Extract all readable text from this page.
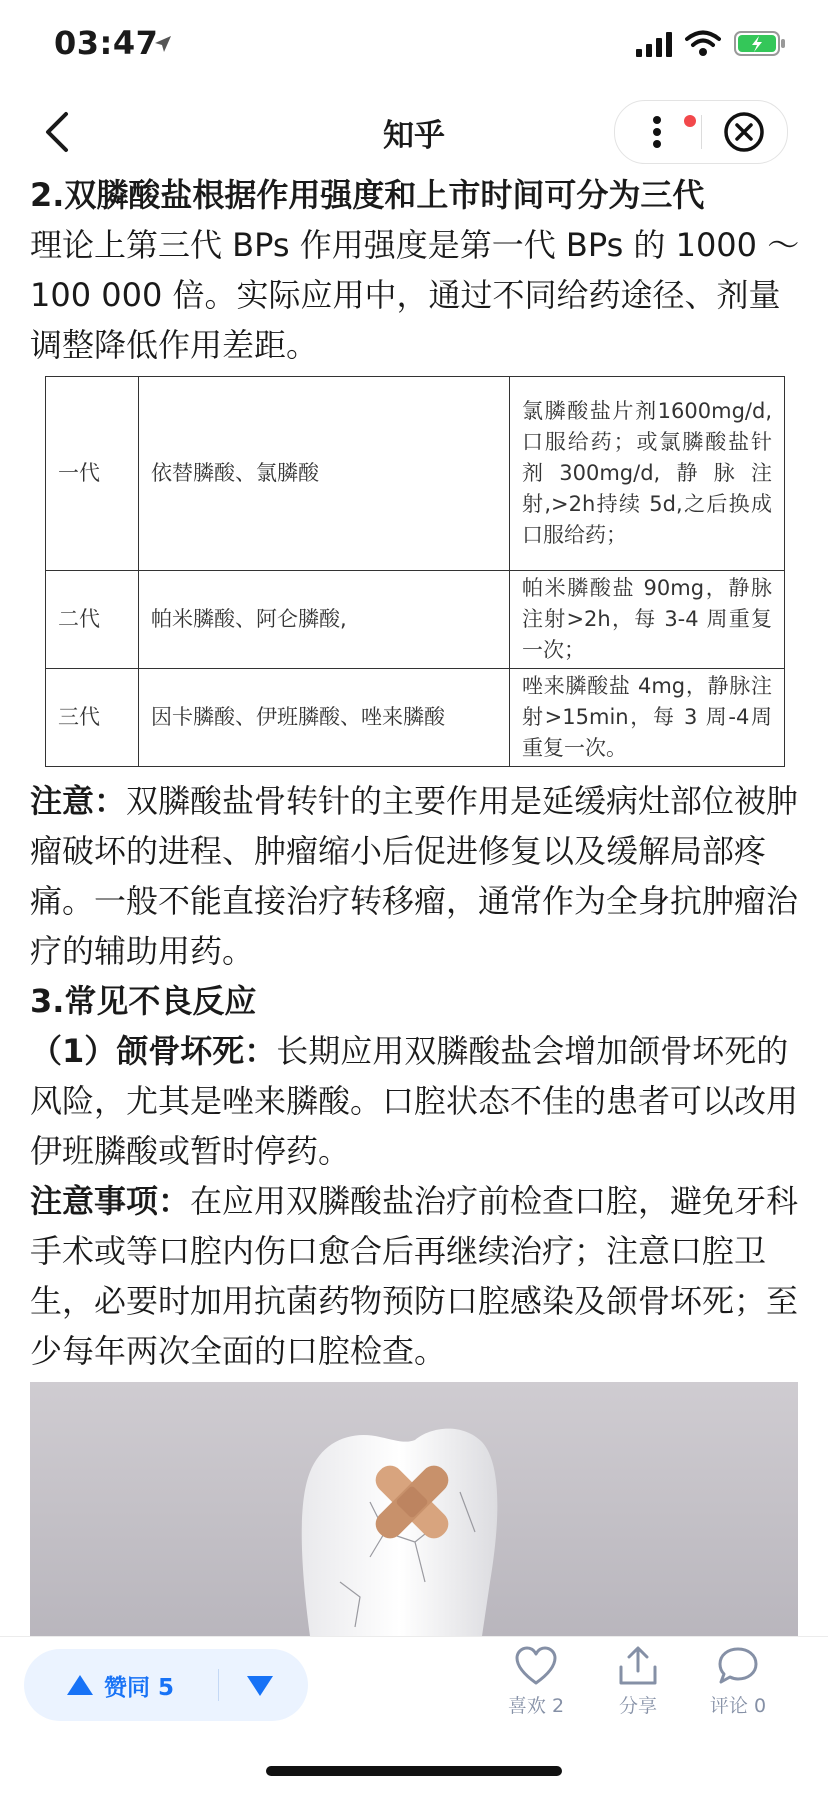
03:47
知乎

2.双膦酸盐根据作用强度和上市时间可分为三代

理论上第三代 BPs 作用强度是第一代 BPs 的 1000 ～ 100 000 倍。实际应用中，通过不同给药途径、剂量调整降低作用差距。

一代	依替膦酸、氯膦酸	氯膦酸盐片剂1600mg/d,口服给药；或氯膦酸盐针剂300mg/d,静脉注射,>2h持续 5d,之后换成口服给药；
二代	帕米膦酸、阿仑膦酸,	帕米膦酸盐 90mg，静脉注射>2h，每 3-4 周重复一次；
三代	因卡膦酸、伊班膦酸、唑来膦酸	唑来膦酸盐 4mg，静脉注射>15min，每 3 周-4周重复一次。

注意：双膦酸盐骨转针的主要作用是延缓病灶部位被肿瘤破坏的进程、肿瘤缩小后促进修复以及缓解局部疼痛。一般不能直接治疗转移瘤，通常作为全身抗肿瘤治疗的辅助用药。

3.常见不良反应

（1）颌骨坏死：长期应用双膦酸盐会增加颌骨坏死的风险，尤其是唑来膦酸。口腔状态不佳的患者可以改用伊班膦酸或暂时停药。

注意事项：在应用双膦酸盐治疗前检查口腔，避免牙科手术或等口腔内伤口愈合后再继续治疗；注意口腔卫生，必要时加用抗菌药物预防口腔感染及颌骨坏死；至少每年两次全面的口腔检查。

赞同 5
喜欢 2	分享	评论 0
